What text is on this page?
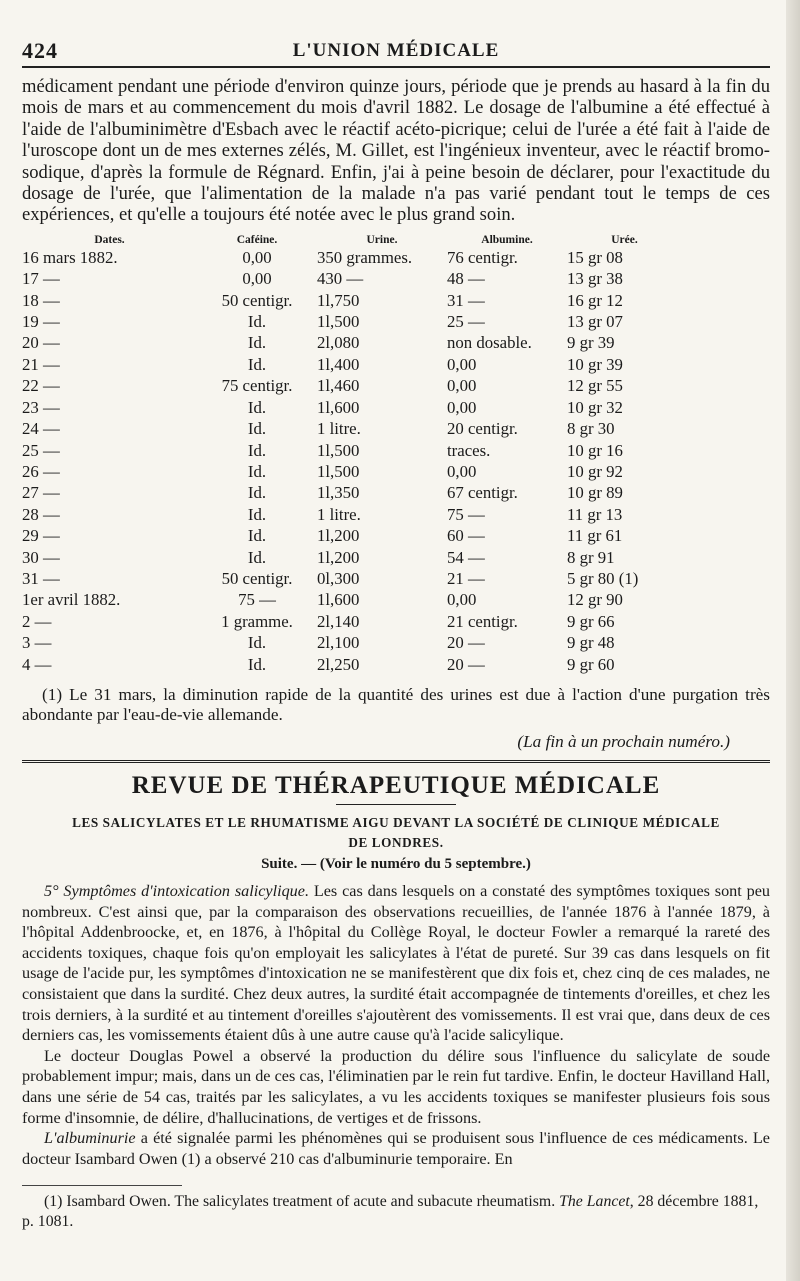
424	L'UNION MÉDICALE

médicament pendant une période d'environ quinze jours, période que je prends au hasard à la fin du mois de mars et au commencement du mois d'avril 1882. Le dosage de l'albumine a été effectué à l'aide de l'albuminimètre d'Esbach avec le réactif acéto-picrique; celui de l'urée a été fait à l'aide de l'uroscope dont un de mes externes zélés, M. Gillet, est l'ingénieux inventeur, avec le réactif bromo-sodique, d'après la formule de Régnard. Enfin, j'ai à peine besoin de déclarer, pour l'exactitude du dosage de l'urée, que l'alimentation de la malade n'a pas varié pendant tout le temps de ces expériences, et qu'elle a toujours été notée avec le plus grand soin.

Dates.	Caféine.	Urine.	Albumine.	Urée.
16 mars 1882.	0,00	350 grammes.	76 centigr.	15 gr 08
17 —	0,00	430 —	48 —	13 gr 38
18 —	50 centigr.	1l,750	31 —	16 gr 12
19 —	Id.	1l,500	25 —	13 gr 07
20 —	Id.	2l,080	non dosable.	9 gr 39
21 —	Id.	1l,400	0,00	10 gr 39
22 —	75 centigr.	1l,460	0,00	12 gr 55
23 —	Id.	1l,600	0,00	10 gr 32
24 —	Id.	1 litre.	20 centigr.	8 gr 30
25 —	Id.	1l,500	traces.	10 gr 16
26 —	Id.	1l,500	0,00	10 gr 92
27 —	Id.	1l,350	67 centigr.	10 gr 89
28 —	Id.	1 litre.	75 —	11 gr 13
29 —	Id.	1l,200	60 —	11 gr 61
30 —	Id.	1l,200	54 —	8 gr 91
31 —	50 centigr.	0l,300	21 —	5 gr 80 (1)
1er avril 1882.	75 —	1l,600	0,00	12 gr 90
2 —	1 gramme.	2l,140	21 centigr.	9 gr 66
3 —	Id.	2l,100	20 —	9 gr 48
4 —	Id.	2l,250	20 —	9 gr 60

(1) Le 31 mars, la diminution rapide de la quantité des urines est due à l'action d'une purgation très abondante par l'eau-de-vie allemande.

(La fin à un prochain numéro.)

REVUE DE THÉRAPEUTIQUE MÉDICALE
LES SALICYLATES ET LE RHUMATISME AIGU DEVANT LA SOCIÉTÉ DE CLINIQUE MÉDICALE
DE LONDRES.
Suite. — (Voir le numéro du 5 septembre.)

5° Symptômes d'intoxication salicylique. Les cas dans lesquels on a constaté des symptômes toxiques sont peu nombreux. C'est ainsi que, par la comparaison des observations recueillies, de l'année 1876 à l'année 1879, à l'hôpital Addenbroocke, et, en 1876, à l'hôpital du Collège Royal, le docteur Fowler a remarqué la rareté des accidents toxiques, chaque fois qu'on employait les salicylates à l'état de pureté. Sur 39 cas dans lesquels on fit usage de l'acide pur, les symptômes d'intoxication ne se manifestèrent que dix fois et, chez cinq de ces malades, ne consistaient que dans la surdité. Chez deux autres, la surdité était accompagnée de tintements d'oreilles, et chez les trois derniers, à la surdité et au tintement d'oreilles s'ajoutèrent des vomissements. Il est vrai que, dans deux de ces derniers cas, les vomissements étaient dûs à une autre cause qu'à l'acide salicylique.

Le docteur Douglas Powel a observé la production du délire sous l'influence du salicylate de soude probablement impur; mais, dans un de ces cas, l'éliminatien par le rein fut tardive. Enfin, le docteur Havilland Hall, dans une série de 54 cas, traités par les salicylates, a vu les accidents toxiques se manifester plusieurs fois sous forme d'insomnie, de délire, d'hallucinations, de vertiges et de frissons.

L'albuminurie a été signalée parmi les phénomènes qui se produisent sous l'influence de ces médicaments. Le docteur Isambard Owen (1) a observé 210 cas d'albuminurie temporaire. En

(1) Isambard Owen. The salicylates treatment of acute and subacute rheumatism. The Lancet, 28 décembre 1881, p. 1081.
